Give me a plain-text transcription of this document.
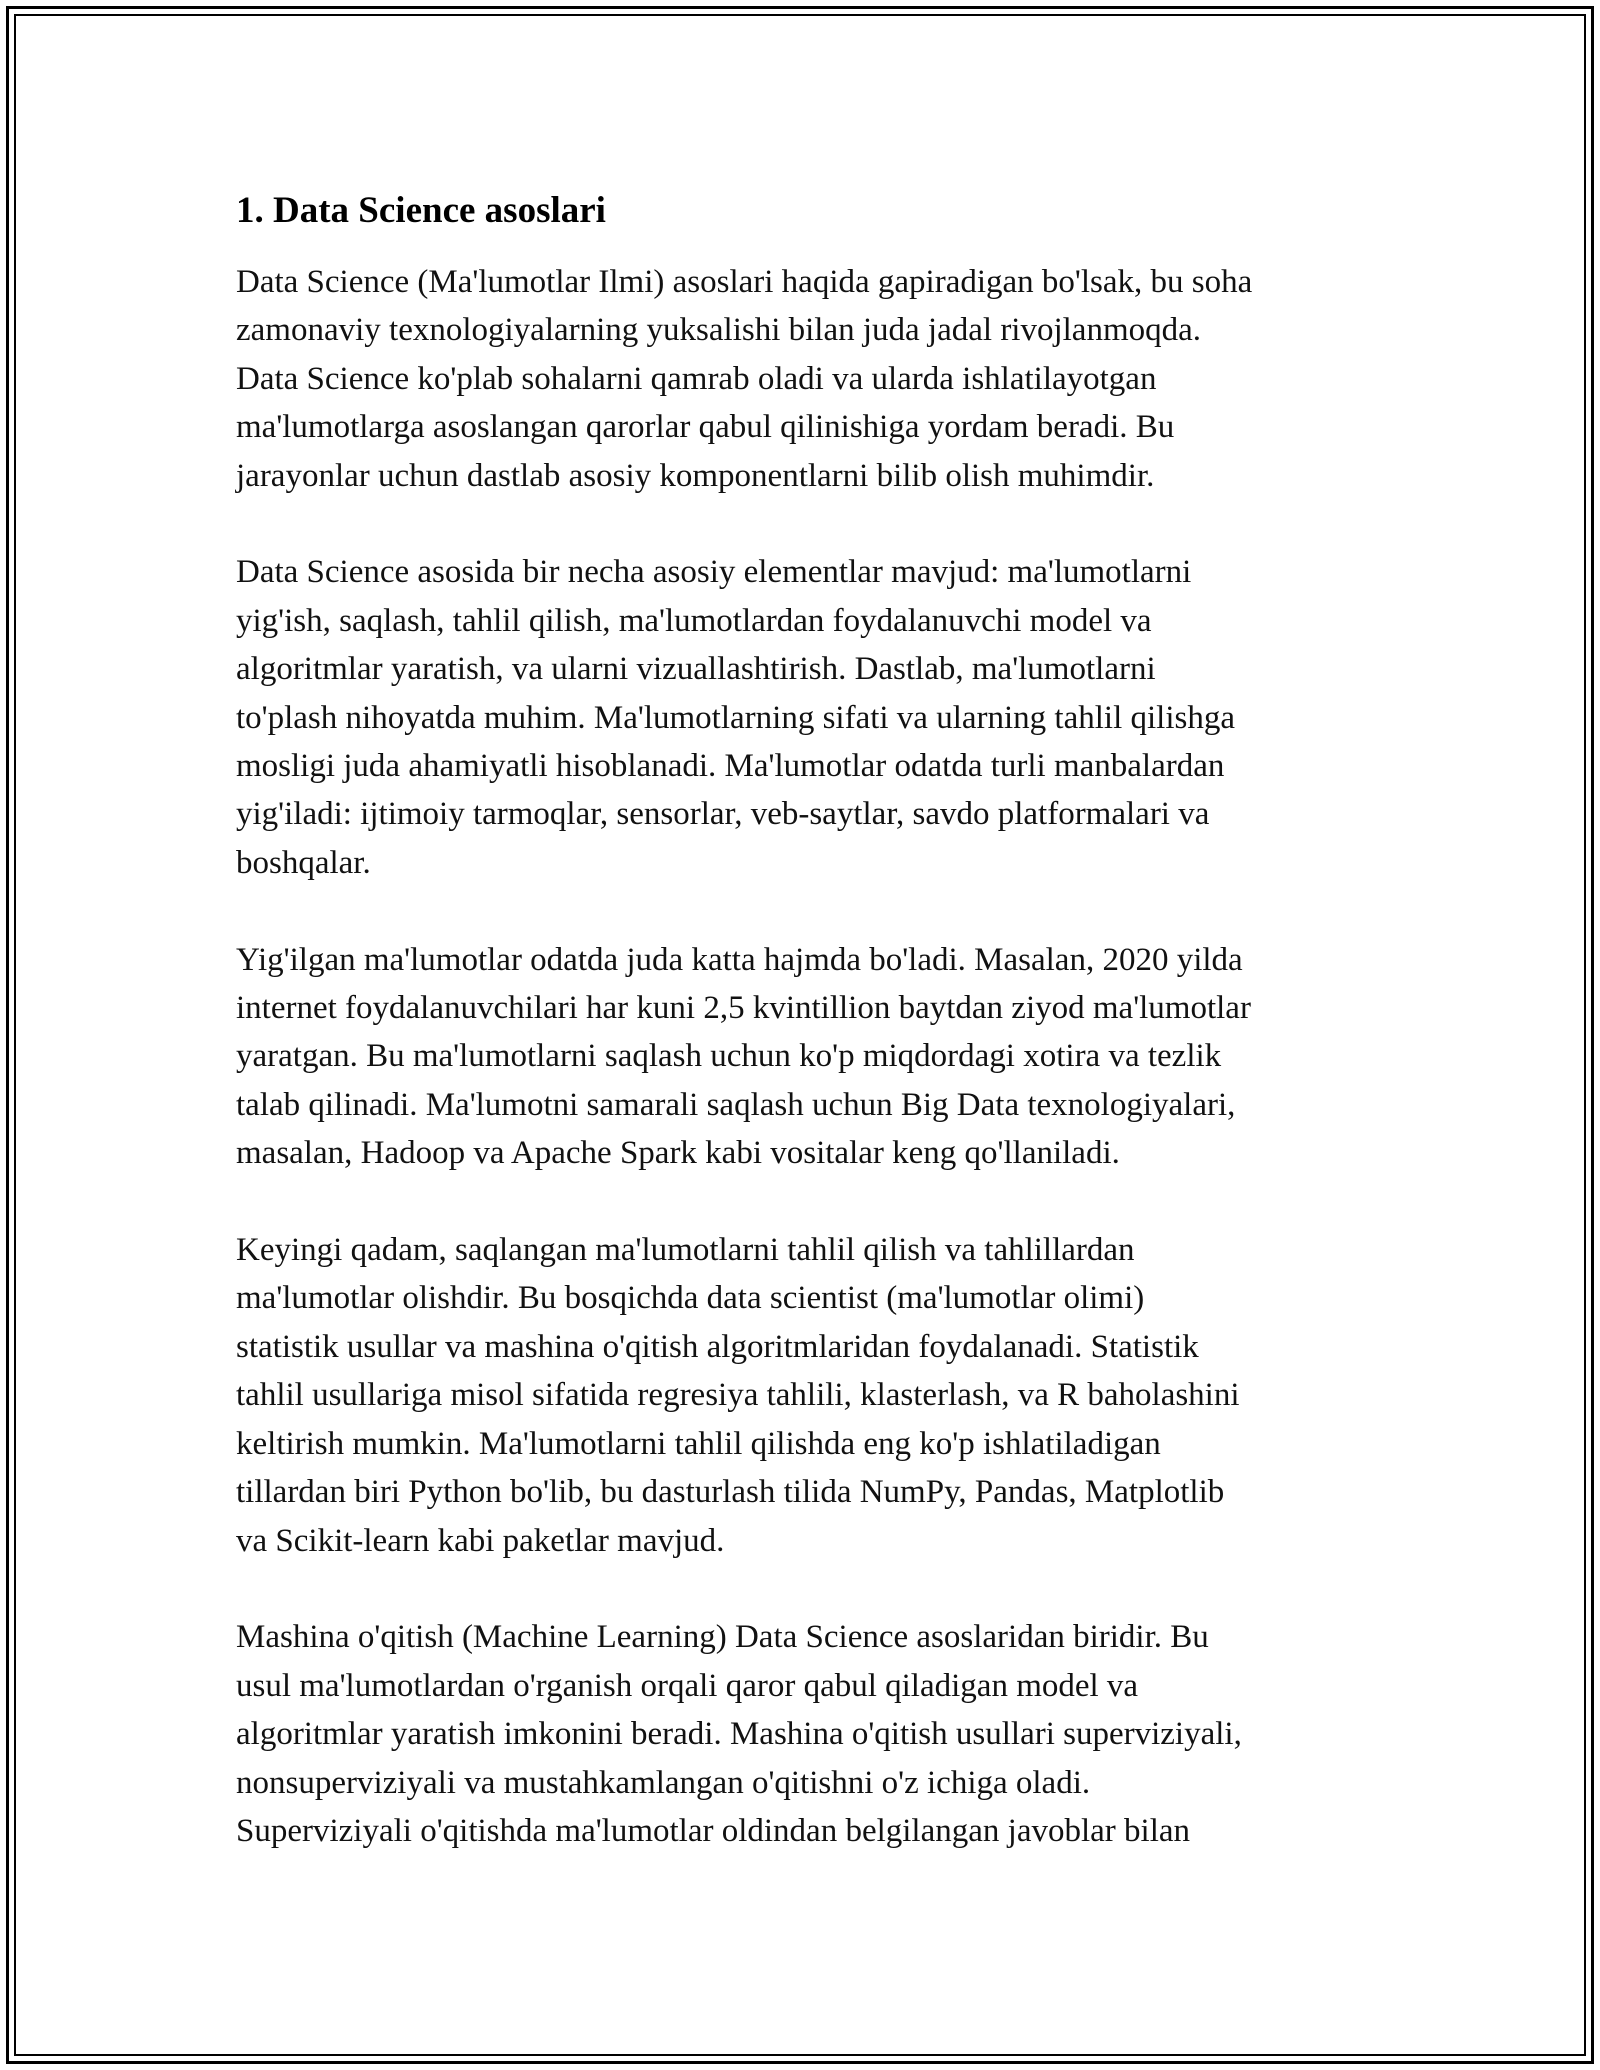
1. Data Science asoslari
Data Science (Ma'lumotlar Ilmi) asoslari haqida gapiradigan bo'lsak, bu soha
zamonaviy texnologiyalarning yuksalishi bilan juda jadal rivojlanmoqda.
Data Science ko'plab sohalarni qamrab oladi va ularda ishlatilayotgan
ma'lumotlarga asoslangan qarorlar qabul qilinishiga yordam beradi. Bu
jarayonlar uchun dastlab asosiy komponentlarni bilib olish muhimdir.
Data Science asosida bir necha asosiy elementlar mavjud: ma'lumotlarni
yig'ish, saqlash, tahlil qilish, ma'lumotlardan foydalanuvchi model va
algoritmlar yaratish, va ularni vizuallashtirish. Dastlab, ma'lumotlarni
to'plash nihoyatda muhim. Ma'lumotlarning sifati va ularning tahlil qilishga
mosligi juda ahamiyatli hisoblanadi. Ma'lumotlar odatda turli manbalardan
yig'iladi: ijtimoiy tarmoqlar, sensorlar, veb-saytlar, savdo platformalari va
boshqalar.
Yig'ilgan ma'lumotlar odatda juda katta hajmda bo'ladi. Masalan, 2020 yilda
internet foydalanuvchilari har kuni 2,5 kvintillion baytdan ziyod ma'lumotlar
yaratgan. Bu ma'lumotlarni saqlash uchun ko'p miqdordagi xotira va tezlik
talab qilinadi. Ma'lumotni samarali saqlash uchun Big Data texnologiyalari,
masalan, Hadoop va Apache Spark kabi vositalar keng qo'llaniladi.
Keyingi qadam, saqlangan ma'lumotlarni tahlil qilish va tahlillardan
ma'lumotlar olishdir. Bu bosqichda data scientist (ma'lumotlar olimi)
statistik usullar va mashina o'qitish algoritmlaridan foydalanadi. Statistik
tahlil usullariga misol sifatida regresiya tahlili, klasterlash, va R baholashini
keltirish mumkin. Ma'lumotlarni tahlil qilishda eng ko'p ishlatiladigan
tillardan biri Python bo'lib, bu dasturlash tilida NumPy, Pandas, Matplotlib
va Scikit-learn kabi paketlar mavjud.
Mashina o'qitish (Machine Learning) Data Science asoslaridan biridir. Bu
usul ma'lumotlardan o'rganish orqali qaror qabul qiladigan model va
algoritmlar yaratish imkonini beradi. Mashina o'qitish usullari superviziyali,
nonsuperviziyali va mustahkamlangan o'qitishni o'z ichiga oladi.
Superviziyali o'qitishda ma'lumotlar oldindan belgilangan javoblar bilan
